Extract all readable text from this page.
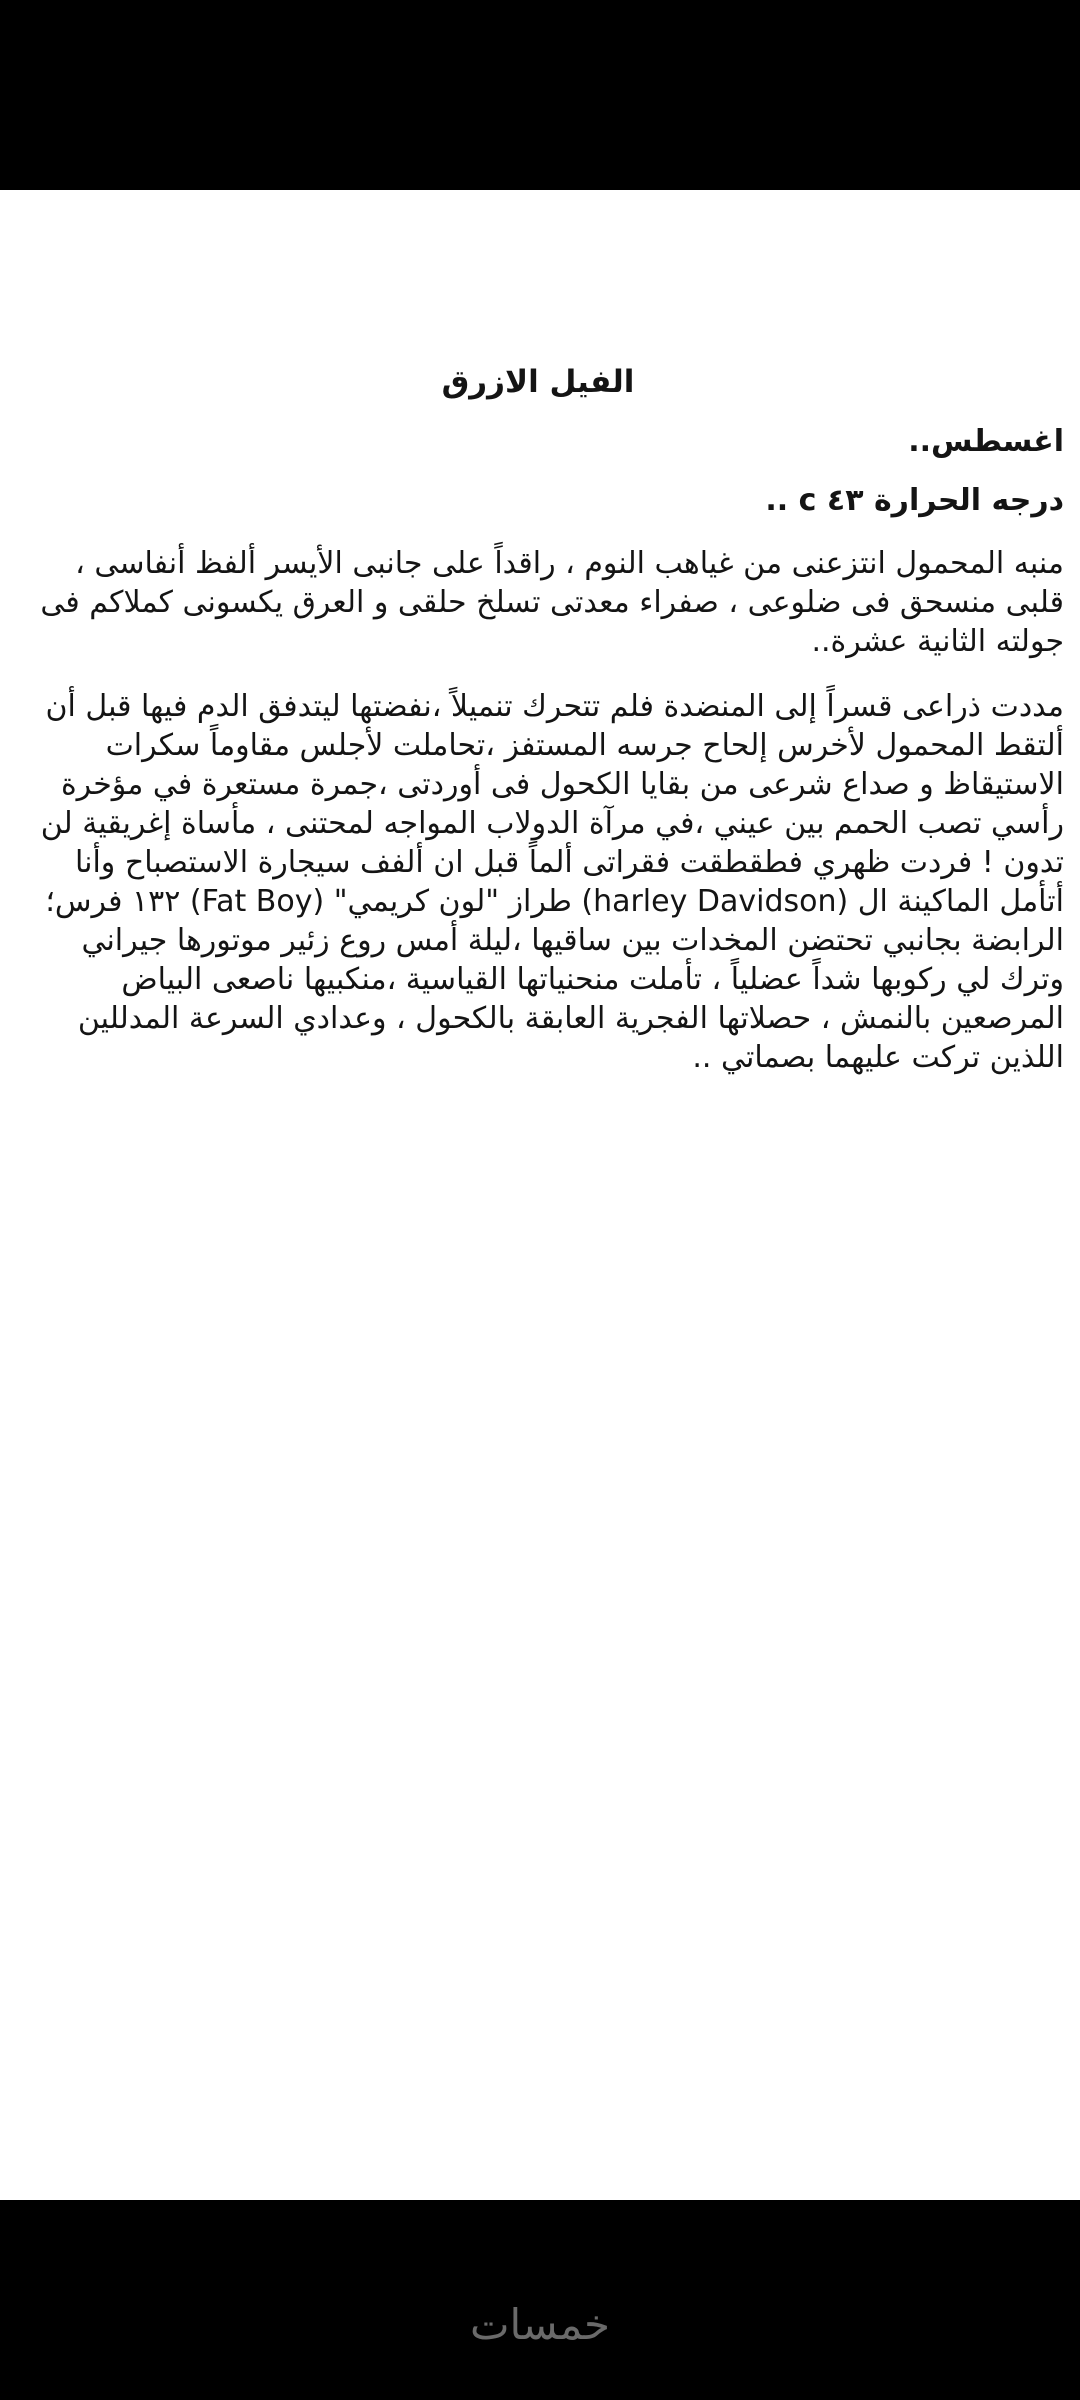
الفيل الازرق
اغسطس..
درجه الحرارة ٤٣ c ..

منبه المحمول انتزعنى من غياهب النوم ، راقداً على جانبى الأيسر ألفظ أنفاسى ، قلبى منسحق فى ضلوعى ، صفراء معدتى تسلخ حلقى و العرق يكسونى كملاكم فى جولته الثانية عشرة..

مددت ذراعى قسراً إلى المنضدة فلم تتحرك تنميلاً ،نفضتها ليتدفق الدم فيها قبل أن ألتقط المحمول لأخرس إلحاح جرسه المستفز ،تحاملت لأجلس مقاوماً سكرات الاستيقاظ و صداع شرعى من بقايا الكحول فى أوردتى ،جمرة مستعرة في مؤخرة رأسي تصب الحمم بين عيني ،في مرآة الدولاب المواجه لمحتنى ، مأساة إغريقية لن تدون ! فردت ظهري فطقطقت فقراتى ألماً قبل ان ألفف سيجارة الاستصباح وأنا أتأمل الماكينة ال (harley Davidson) طراز "لون كريمي" (Fat Boy) ١٣٢ فرس؛ الرابضة بجانبي تحتضن المخدات بين ساقيها ،ليلة أمس روع زئير موتورها جيراني وترك لي ركوبها شداً عضلياً ، تأملت منحنياتها القياسية ،منكبيها ناصعى البياض المرصعين بالنمش ، حصلاتها الفجرية العابقة بالكحول ، وعدادي السرعة المدللين اللذين تركت عليهما بصماتي ..

خمسات
